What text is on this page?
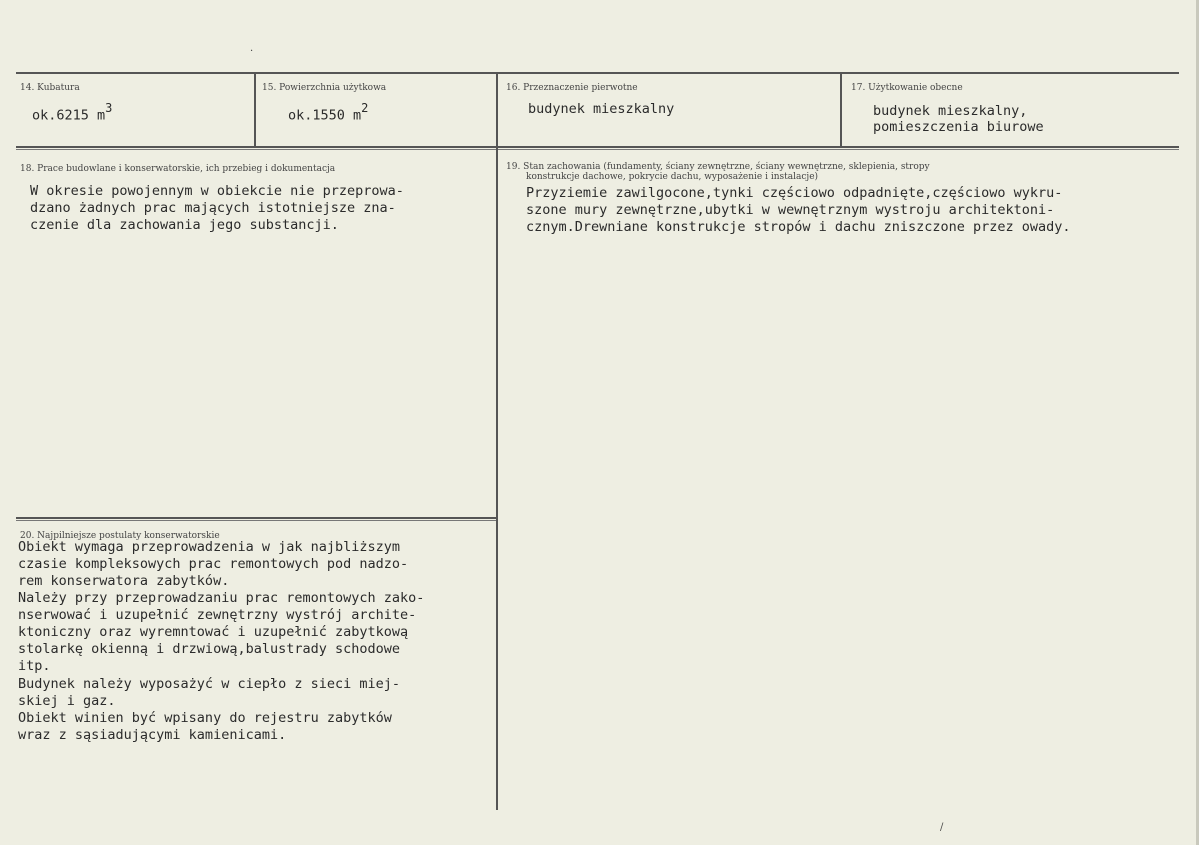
14. Kubatura
ok.6215 $m^3$
15. Powierzchnia użytkowa
ok.1550 $m^2$
16. Przeznaczenie pierwotne
budynek mieszkalny
17. Użytkowanie obecne
budynek mieszkalny,
pomieszczenia biurowe
18. Prace budowlane i konserwatorskie, ich przebieg i dokumentacja
W okresie powojennym w obiekcie nie przeprowa-
dzano żadnych prac mających istotniejsze zna-
czenie dla zachowania jego substancji.
19. Stan zachowania (fundamenty, ściany zewnętrzne, ściany wewnętrzne, sklepienia, stropy
konstrukcje dachowe, pokrycie dachu, wyposażenie i instalacje)
Przyziemie zawilgocone,tynki częściowo odpadnięte,częściowo wykru-
szone mury zewnętrzne,ubytki w wewnętrznym wystroju architektoni-
cznym.Drewniane konstrukcje stropów i dachu zniszczone przez owady.
20. Najpilniejsze postulaty konserwatorskie
Obiekt wymaga przeprowadzenia w jak najbliższym
czasie kompleksowych prac remontowych pod nadzo-
rem konserwatora zabytków.
Należy przy przeprowadzaniu prac remontowych zako-
nserwować i uzupełnić zewnętrzny wystrój archite-
ktoniczny oraz wyremntować i uzupełnić zabytkową
stolarkę okienną i drzwiową,balustrady schodowe
itp.
Budynek należy wyposażyć w ciepło z sieci miej-
skiej i gaz.
Obiekt winien być wpisany do rejestru zabytków
wraz z sąsiadującymi kamienicami.
·
/
